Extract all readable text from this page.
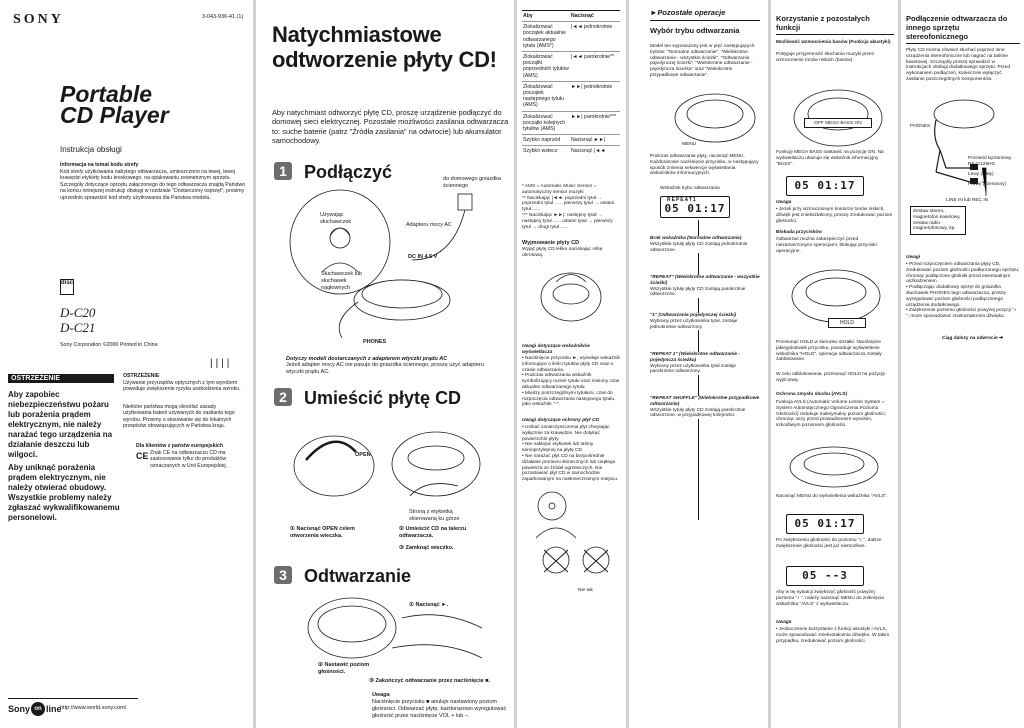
SONY	3-043-936-41 (1)
Portable
CD Player
Instrukcja obsługi
Informacja na temat kodu strefy
Kod strefy użytkowania nabytego odtwarzacza, umieszczono na lewej, lewej krawędzi etykiety kodu kreskowego, na opakowaniu zewnętrznym sprzętu. Szczegóły dotyczące oprzętu załączonego do tego odtwarzacza znajdą Państwo na końcu niniejszej instrukcji obsługi w rozdziale "Dostarczony osprzęt"; prosimy uprzednio sprawdzić kod strefy użytkowania dla Państwa modelu.
disc
D-C20
D-C21
Sony Corporation ©2000 Printed in China
||||
OSTRZEŻENIE
Aby zapobiec niebezpieczeństwu pożaru lub porażenia prądem elektrycznym, nie należy narażać tego urządzenia na działanie deszczu lub wilgoci.
Aby uniknąć porażenia prądem elektrycznym, nie należy otwierać obudowy. Wszystkie problemy należy zgłaszać wykwalifikowanemu personelowi.
OSTRZEŻENIE
Używanie przyrządów optycznych z tym wyrobem powoduje zwiększenie ryzyka uszkodzenia wzroku.
Niektóre państwa mogą określać zasady użytkowania baterii używanych do zasilania tego wyrobu. Prosimy o stosowanie się do lokalnych przepisów obowiązujących w Państwa kraju.
Dla klientów z państw europejskich
CE Znak CE na odtwarzaczu CD ma zastosowanie tylko do produktów oznaczanych w Unii Europejskiej.
Sony on line
http://www.world.sony.com/
Natychmiastowe odtworzenie płyty CD!
Aby natychmiast odtworzyć płytę CD, proszę urządzenie podłączyć do domowej sieci elektrycznej. Pozostałe możliwości zasilania odtwarzacza to: suche baterie (patrz "Źródła zasilania" na odwrocie) lub akumulator samochodowy.
1 Podłączyć	do domowego gniazdka ściennego
Używając słuchawczek
Adapteru mocy AC
DC IN 4.5 V
Słuchawczek lub słuchawek nagłownych
PHONES
Dotyczy modeli dostarczanych z adapterem wtyczki prądu AC
Jeżeli adapter mocy AC nie pasuje do gniazdka ściennego, proszę użyć adapteru wtyczki prądu AC.
2 Umieścić płytę CD
OPEN
Stroną z etykietką skierowaną ku górze
① Nacisnąć OPEN celem otworzenia wieczka.
② Umieścić CD na talerzu odtwarzacza.
③ Zamknąć wieczko.
3 Odtwarzanie
① Nacisnąć ►.
② Nastawić poziom głośności.
③ Zakończyć odtwarzanie przez naciśnięcie ■.
Uwaga
Naciśnięcie przycisku ■ anuluje nastawiony poziom głośności. Odtwarzać płytę, każdorazowo wyregulować głośność przez naciśnięcie VOL + lub –.
Aby	Nacisnąć
Zlokalizować początek aktualnie odtwarzanego tytułu (AMS*)	|◄◄ jednokrotnie
Zlokalizować początki poprzednich tytułów (AMS)	|◄◄ parokrotnie**
Zlokalizować początek następnego tytułu (AMS)	►►| jednokrotnie
Zlokalizować początki kolejnych tytułów (AMS)	►►| parokrotnie***
Szybko naprzód	Nacisnąć ►►|
Szybko wstecz	Nacisnąć |◄◄
* AMS = Automatic Music Sensor = automatyczny sensor muzyki
** Naciskając |◄◄: poprzedni tytuł → poprzedni tytuł ...... pierwszy tytuł → ostatni tytuł ......
*** Naciskając ►►|: następny tytuł → następny tytuł ...... ostatni tytuł → pierwszy tytuł → drugi tytuł ......
Wyjmowanie płyty CD
Wyjąć płytę CD lekko naciskając ośkę obrotową.
Uwagi dotyczące wskaźników wyświetlacza
• Naciśnięcie przycisku ►, wywołuje wskaźnik informujące o ilości tytułów płyty CD oraz o czasie odtwarzania.
• Podczas odtwarzania wskaźnik symbolizujący numer tytułu oraz miniony czas aktualne odtwarzanego tytułu.
• Między poszczególnymi tytułami, czas do rozpoczęcia odtwarzania następnego tytułu, jako wskaźnik "–".
Uwagi dotyczące ochrony płyt CD
• Unikać zanieczyszczenia płyt chwytając wyłącznie za krawędzie. Nie dotykać powierzchni płyty.
• Nie naklejać etykietek lub taśmy samoprzylepnej na płytę CD.
• Nie narażać płyt CD na bezpośrednie działanie promieni słonecznych lub ciepłego powietrza ze źródeł ogrzewczych. Nie pozostawiać płyt CD w samochodzie zaparkowanym na nasłonecznionym miejscu.
Nie tak
►Pozostałe operacje
Wybór trybu odtwarzania
Model ten wyposażony jest w pięć następujących trybów: "Normalne odtwarzanie", "Wielokrotne odtwarzanie - wszystkie ścieżki", "Odtwarzanie pojedynczej ścieżki", "Wielokrotne odtwarzanie - pojedyncza ścieżka" oraz "Wielokrotne przypadkowe odtwarzanie".
MENU
Podczas odtwarzania płyty, nacisnąć MENU. Każdorazowe naciśnięcie przycisku, w następujący sposób zmienia sekwencje wyświetlania wskaźników informacyjnych:
Wskaźnik trybu odtwarzania
REPEAT1
05 01:17
Brak wskaźnika (Normalne odtwarzanie)
Wszystkie tytuły płyty CD zostają jednokrotnie odtworzone.
"REPEAT" (Wielokrotne odtwarzanie - wszystkie ścieżki)
Wszystkie tytuły płyty CD zostają parokrotnie odtworzone.
"1" (Odtwarzanie pojedynczej ścieżki)
Wybrany przez użytkownika tytuł, zostaje jednokrotnie odtworzony.
"REPEAT 1" (Wielokrotne odtwarzanie - pojedyncza ścieżka)
Wybrany przez użytkownika tytuł zostaje parokrotnie odtworzony.
"REPEAT SHUFFLE" (Wielokrotne przypadkowe odtwarzanie)
Wszystkie tytuły płyty CD zostają parokrotnie odtworzone, w przypadkowej kolejności.
Korzystanie z pozostałych funkcji
Możliwość wzmocnienia basów (Funkcja akustyki)
Potęguje przyjemność słuchania muzyki przez wzmocnienie tonów niskich (basów).
OFF MEGA BASS ON
Funkcję MEGA BASS nastawić na pozycję ON. Na wyświetlaczu ukazuje się wskaźnik informacyjny "BASS".
05 01:17
Uwaga
• Jeżeli przy wzmocnionym konturze tonów niskich, dźwięk jest zniekształcony, proszę zredukować poziom głośności.
Blokada przycisków
Odtwarzać można zabezpieczyć przed niezamierzonymi operacjami, blokując przyciski operacyjne.
HOLD
Przesunąć HOLD w kierunku strzałki. Naciśnięcie jakiegokolwiek przycisku, powoduje wyświetlenie wskaźnika "HOLD", operacje odtwarzacza zostały zablokowane.
W celu odblokowania, przesunąć HOLD na pozycję wyjściową.
Ochrona zmysłu słuchu (AVLS)
Funkcja AVLS (Automatic Volume Limiter System = System Automatycznego Ograniczenia Poziomu Głośności) redukuje maksymalny poziom głośności, chroniąc uszy przed prowadzeniem wysokim, szkodliwym poziomem głośności.
Nacisnąć MENU do wyświetlenia wskaźnika "AVLS".
05 01:17
Po zwiększeniu głośności do poziomu "♪ ", dalsze zwiększenie głośności jest już niemożliwe.
05 --3
Aby w tej sytuacji zwiększyć głośność powyżej poziomu "♪ ", należy nacisnąć MENU do zniknięcia wskaźnika "AVLS" z wyświetlacza.
Uwaga
• Jednoczesne korzystanie z funkcji akustyki i AVLS, może spowodować zniekształcenia dźwięku. W takim przypadku, zredukować poziom głośności.
Podłączenie odtwarzacza do innego sprzętu stereofonicznego
Płyty CD można również słuchać poprzez inne urządzenia stereofoniczne lub nagrać na taśmie kasetowej. Szczegóły proszę sprawdzić w instrukcjach obsługi dodatkowego sprzętu. Przed wykonaniem podłączeń, koniecznie wyłączyć zasilanie poszczególnych komponentów.
PHONES
Przewód łączeniowy RK-G129HG
Lewy (biały)
Prawy (czerwony)
LINE IN lub REC IN
Zestaw stereo, magnetofon kasetowy, zestaw radio-magnetofonowy, itp.
Uwagi
• Przed rozpoczęciem odtwarzania płyty CD, zredukować poziom głośności podłączonego sprzętu, chroniąc podłączone głośniki przed ewentualnym uszkodzeniem.
• Podłączając dodatkowy sprzęt do gniazdka słuchawek PHONES tego odtwarzacza, proszę wyregulować poziom głośności podłączonego urządzenia dodatkowego.
• Zwiększenie poziomu głośności powyżej pozycji "♪ ", może spowodować zniekształcenia dźwięku.
Ciąg dalszy na odwrocie ➔
